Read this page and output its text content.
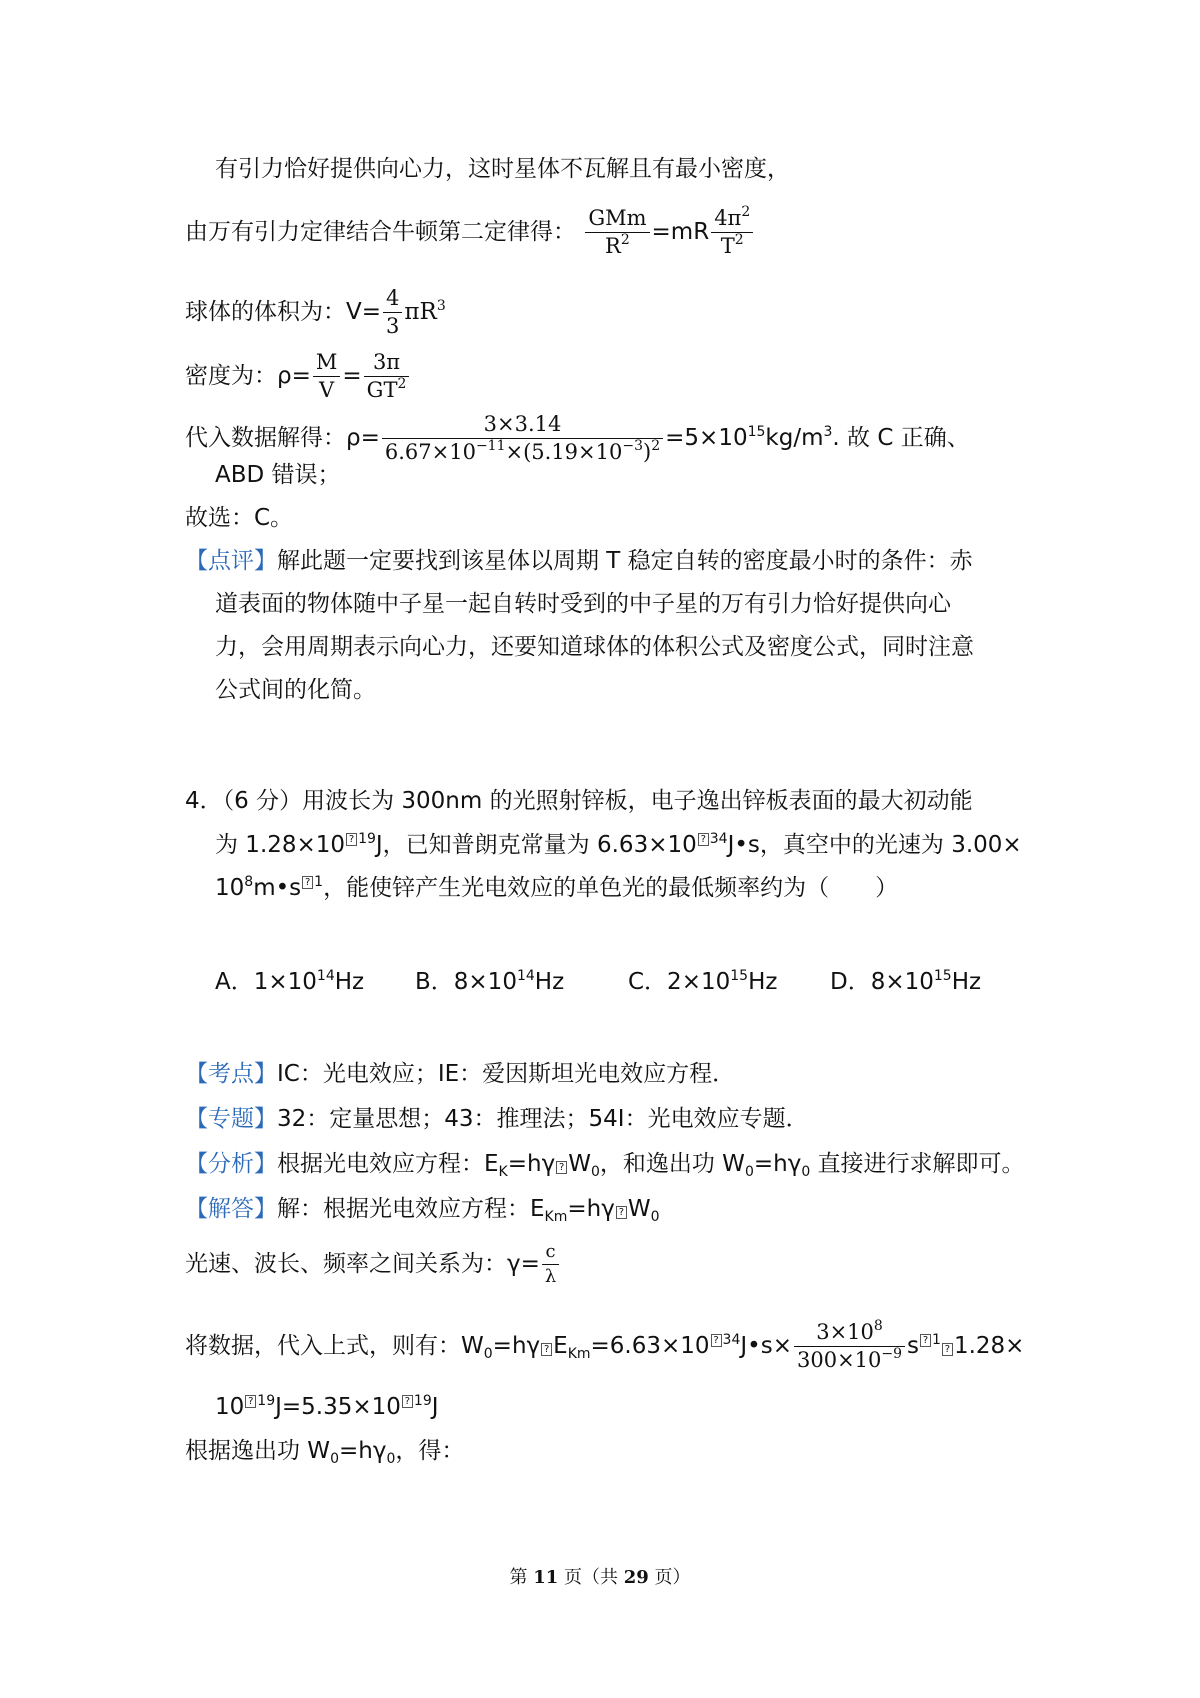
有引力恰好提供向心力，这时星体不瓦解且有最小密度，
由万有引力定律结合牛顿第二定律得：
GMm
$R^2 =mR \frac{4\pi^2}{T^2}$
球体的体积为：$V= \frac{4}{3} \pi R^3$
密度为：$\rho= \frac{M}{V} = \frac{3\pi}{GT^2}$
代入数据解得：$\rho= \frac{3\times 3.14}{6.67\times 10^{-11}\times(5.19\times 10^{-3})^2} =5\times 10^{15}kg/m^3$. 故 C 正确、
ABD 错误；
故选：C。
【点评】解此题一定要找到该星体以周期 T 稳定自转的密度最小时的条件：赤
道表面的物体随中子星一起自转时受到的中子星的万有引力恰好提供向心
力，会用周期表示向心力，还要知道球体的体积公式及密度公式，同时注意
公式间的化简。
4．（6 分）用波长为 300nm 的光照射锌板，电子逸出锌板表面的最大初动能
为 1.28×10 $^{? 19}$J，已知普朗克常量为 6.63×10 $^{? 34}$J•s，真空中的光速为 3.00×
$10^8m•s$ $^{? 1}$，能使锌产生光电效应的单色光的最低频率约为（　　）
A．$1\times 10^{14}Hz$ B．$8\times 10^{14}Hz$	C．$2\times 10^{15}Hz$ D．$8\times 10^{15}Hz$
【考点】IC：光电效应；IE：爱因斯坦光电效应方程．
【专题】32：定量思想；43：推理法；54I：光电效应专题．
【分析】根据光电效应方程：$E_K=h\gamma$ ? $W_0$，和逸出功 $W_0=h\gamma_0$ 直接进行求解即可。
【解答】解：根据光电效应方程：$E_{Km}=h\gamma$ ? $W_0$
光速、波长、频率之间关系为：$\gamma= \frac{c}{\lambda}$
将数据，代入上式，则有：$W_0=h\gamma$ ? $E_{Km}=6.63\times 10$ $^{? 34}$J•s× $\frac{3\times 10^8}{300\times 10^{-9}}$ s $^{? 1}$? 1.28×
10 $^{? 19}$J=5.35×10 $^{? 19}$J
根据逸出功 $W_0=h\gamma_0$，得：
第 11 页（共 29 页）
